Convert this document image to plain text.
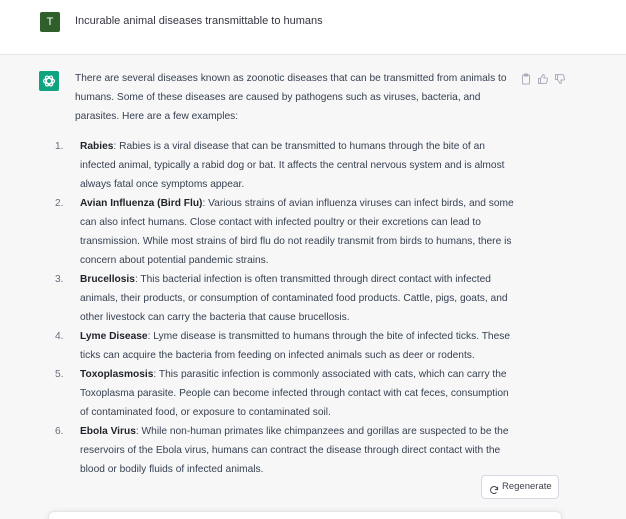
T	Incurable animal diseases transmittable to humans

There are several diseases known as zoonotic diseases that can be transmitted from animals to humans. Some of these diseases are caused by pathogens such as viruses, bacteria, and parasites. Here are a few examples:

1. Rabies: Rabies is a viral disease that can be transmitted to humans through the bite of an infected animal, typically a rabid dog or bat. It affects the central nervous system and is almost always fatal once symptoms appear.
2. Avian Influenza (Bird Flu): Various strains of avian influenza viruses can infect birds, and some can also infect humans. Close contact with infected poultry or their excretions can lead to transmission. While most strains of bird flu do not readily transmit from birds to humans, there is concern about potential pandemic strains.
3. Brucellosis: This bacterial infection is often transmitted through direct contact with infected animals, their products, or consumption of contaminated food products. Cattle, pigs, goats, and other livestock can carry the bacteria that cause brucellosis.
4. Lyme Disease: Lyme disease is transmitted to humans through the bite of infected ticks. These ticks can acquire the bacteria from feeding on infected animals such as deer or rodents.
5. Toxoplasmosis: This parasitic infection is commonly associated with cats, which can carry the Toxoplasma parasite. People can become infected through contact with cat feces, consumption of contaminated food, or exposure to contaminated soil.
6. Ebola Virus: While non-human primates like chimpanzees and gorillas are suspected to be the reservoirs of the Ebola virus, humans can contract the disease through direct contact with the blood or bodily fluids of infected animals.
Regenerate
